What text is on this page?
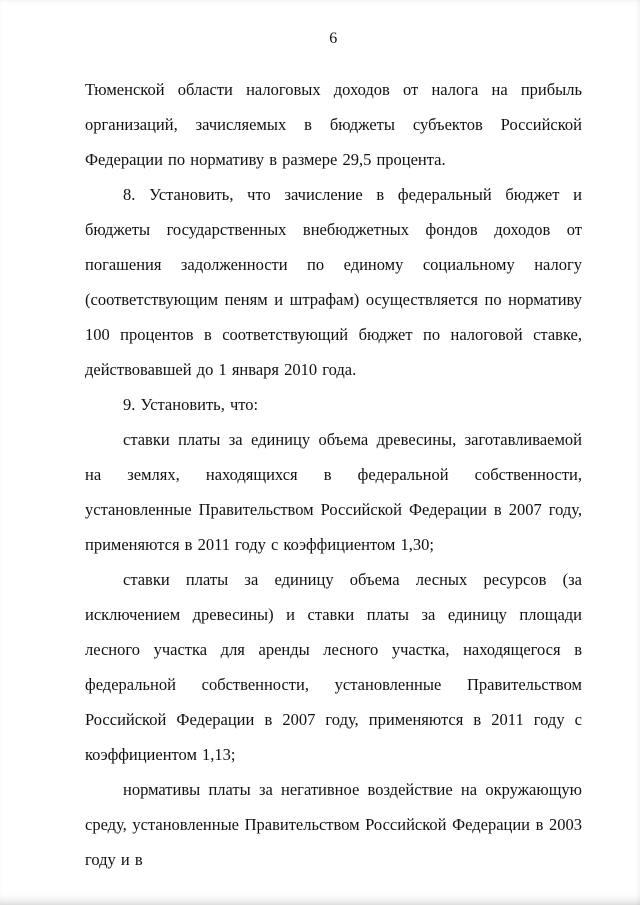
6

Тюменской области налоговых доходов от налога на прибыль организаций, зачисляемых в бюджеты субъектов Российской Федерации по нормативу в размере 29,5 процента.

8. Установить, что зачисление в федеральный бюджет и бюджеты государственных внебюджетных фондов доходов от погашения задолженности по единому социальному налогу (соответствующим пеням и штрафам) осуществляется по нормативу 100 процентов в соответствующий бюджет по налоговой ставке, действовавшей до 1 января 2010 года.

9. Установить, что:

ставки платы за единицу объема древесины, заготавливаемой на землях, находящихся в федеральной собственности, установленные Правительством Российской Федерации в 2007 году, применяются в 2011 году с коэффициентом 1,30;

ставки платы за единицу объема лесных ресурсов (за исключением древесины) и ставки платы за единицу площади лесного участка для аренды лесного участка, находящегося в федеральной собственности, установленные Правительством Российской Федерации в 2007 году, применяются в 2011 году с коэффициентом 1,13;

нормативы платы за негативное воздействие на окружающую среду, установленные Правительством Российской Федерации в 2003 году и в
